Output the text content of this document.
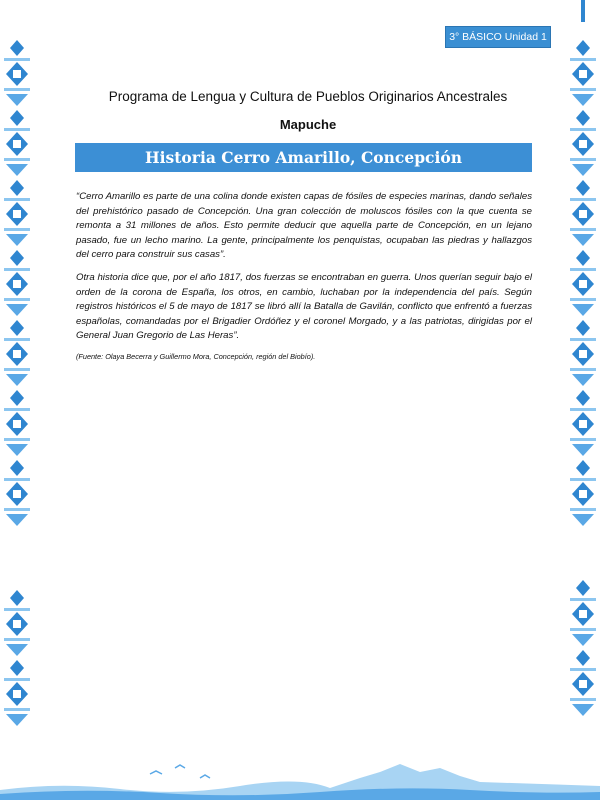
3° BÁSICO Unidad 1
Programa de Lengua y Cultura de Pueblos Originarios Ancestrales
Mapuche
Historia Cerro Amarillo, Concepción

“Cerro Amarillo es parte de una colina donde existen capas de fósiles de especies marinas, dando señales del prehistórico pasado de Concepción. Una gran colección de moluscos fósiles con la que cuenta se remonta a 31 millones de años. Esto permite deducir que aquella parte de Concepción, en un lejano pasado, fue un lecho marino. La gente, principalmente los penquistas, ocupaban las piedras y hallazgos del cerro para construir sus casas”.

Otra historia dice que, por el año 1817, dos fuerzas se encontraban en guerra. Unos querían seguir bajo el orden de la corona de España, los otros, en cambio, luchaban por la independencia del país. Según registros históricos el 5 de mayo de 1817 se libró allí la Batalla de Gavilán, conflicto que enfrentó a fuerzas españolas, comandadas por el Brigadier Ordóñez y el coronel Morgado, y a las patriotas, dirigidas por el General Juan Gregorio de Las Heras”.

(Fuente: Olaya Becerra y Guillermo Mora, Concepción, región del Biobío).
